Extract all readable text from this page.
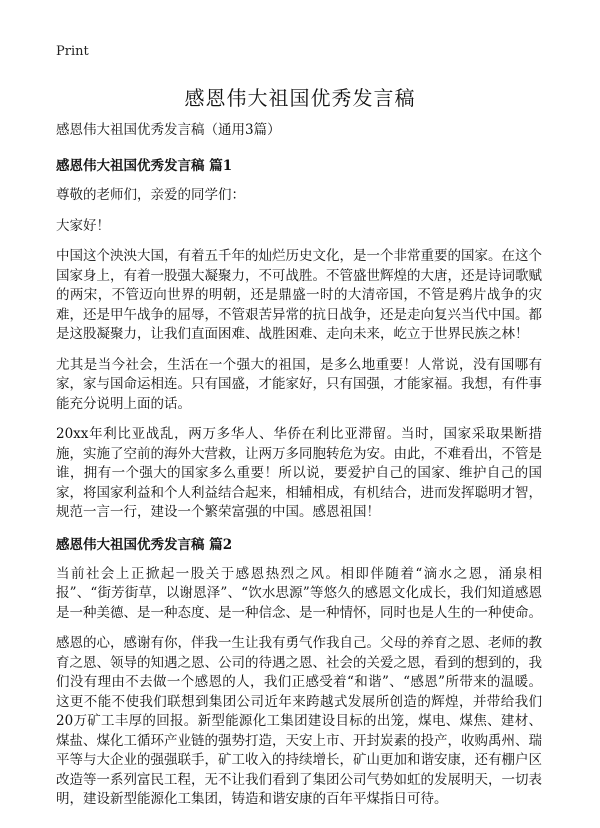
Print
感恩伟大祖国优秀发言稿

感恩伟大祖国优秀发言稿（通用3篇）

感恩伟大祖国优秀发言稿 篇1

尊敬的老师们，亲爱的同学们：

大家好！

中国这个泱泱大国，有着五千年的灿烂历史文化，是一个非常重要的国家。在这个国家身上，有着一股强大凝聚力，不可战胜。不管盛世辉煌的大唐，还是诗词歌赋的两宋，不管迈向世界的明朝，还是鼎盛一时的大清帝国，不管是鸦片战争的灾难，还是甲午战争的屈辱，不管艰苦异常的抗日战争，还是走向复兴当代中国。都是这股凝聚力，让我们直面困难、战胜困难、走向未来，屹立于世界民族之林！

尤其是当今社会，生活在一个强大的祖国，是多么地重要！人常说，没有国哪有家，家与国命运相连。只有国盛，才能家好，只有国强，才能家福。我想，有件事能充分说明上面的话。

20xx年利比亚战乱，两万多华人、华侨在利比亚滞留。当时，国家采取果断措施，实施了空前的海外大营救，让两万多同胞转危为安。由此，不难看出，不管是谁，拥有一个强大的国家多么重要！所以说，要爱护自己的国家、维护自己的国家，将国家利益和个人利益结合起来，相辅相成，有机结合，进而发挥聪明才智，规范一言一行，建设一个繁荣富强的中国。感恩祖国！

感恩伟大祖国优秀发言稿 篇2

当前社会上正掀起一股关于感恩热烈之风。相即伴随着“滴水之恩，涌泉相报”、“街芳街草，以谢恩泽”、“饮水思源”等悠久的感恩文化成长，我们知道感恩是一种美德、是一种态度、是一种信念、是一种情怀，同时也是人生的一种使命。

感恩的心，感谢有你，伴我一生让我有勇气作我自己。父母的养育之恩、老师的教育之恩、领导的知遇之恩、公司的待遇之恩、社会的关爱之恩，看到的想到的，我们没有理由不去做一个感恩的人，我们正感受着“和谐”、“感恩”所带来的温暖。这更不能不使我们联想到集团公司近年来跨越式发展所创造的辉煌，并带给我们20万矿工丰厚的回报。新型能源化工集团建设目标的出笼，煤电、煤焦、建材、煤盐、煤化工循环产业链的强势打造，天安上市、开封炭素的投产，收购禹州、瑞平等与大企业的强强联手，矿工收入的持续增长，矿山更加和谐安康，还有棚户区改造等一系列富民工程，无不让我们看到了集团公司气势如虹的发展明天，一切表明，建设新型能源化工集团，铸造和谐安康的百年平煤指日可待。
